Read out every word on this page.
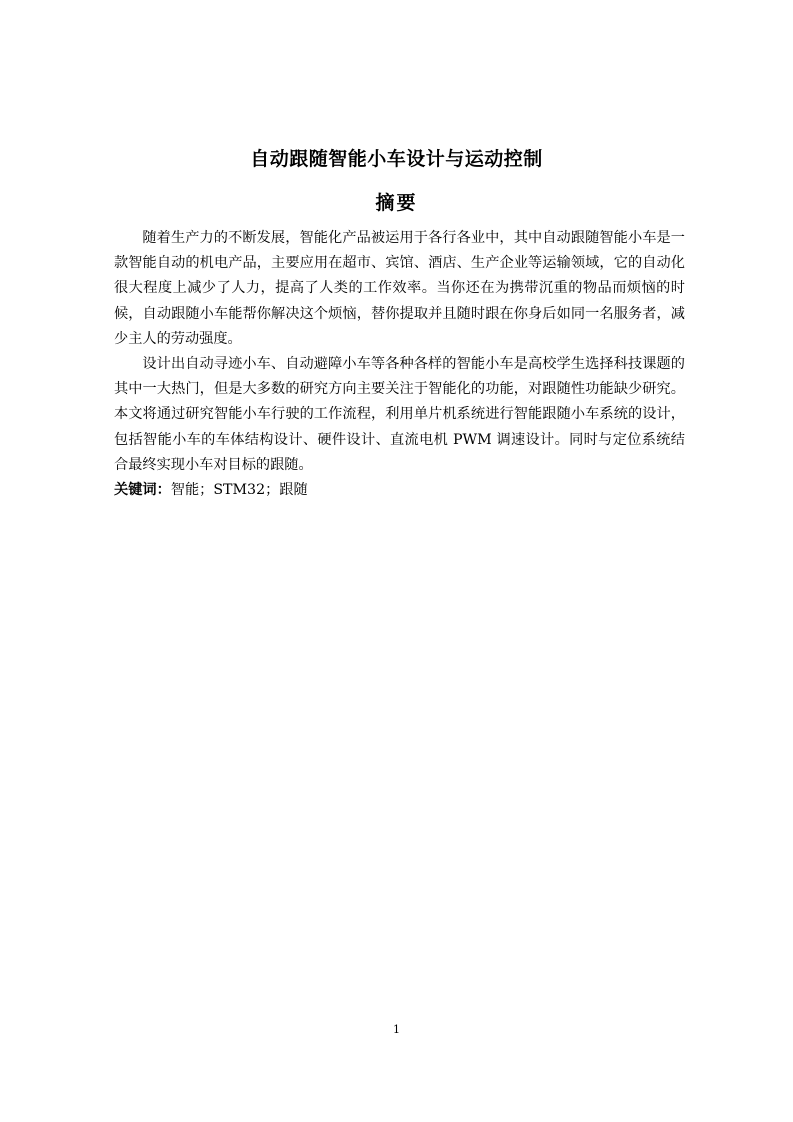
自动跟随智能小车设计与运动控制
摘要

随着生产力的不断发展，智能化产品被运用于各行各业中，其中自动跟随智能小车是一款智能自动的机电产品，主要应用在超市、宾馆、酒店、生产企业等运输领域，它的自动化很大程度上减少了人力，提高了人类的工作效率。当你还在为携带沉重的物品而烦恼的时候，自动跟随小车能帮你解决这个烦恼，替你提取并且随时跟在你身后如同一名服务者，减少主人的劳动强度。

设计出自动寻迹小车、自动避障小车等各种各样的智能小车是高校学生选择科技课题的其中一大热门，但是大多数的研究方向主要关注于智能化的功能，对跟随性功能缺少研究。本文将通过研究智能小车行驶的工作流程，利用单片机系统进行智能跟随小车系统的设计，包括智能小车的车体结构设计、硬件设计、直流电机 PWM 调速设计。同时与定位系统结合最终实现小车对目标的跟随。

关键词：智能；STM32；跟随

1
